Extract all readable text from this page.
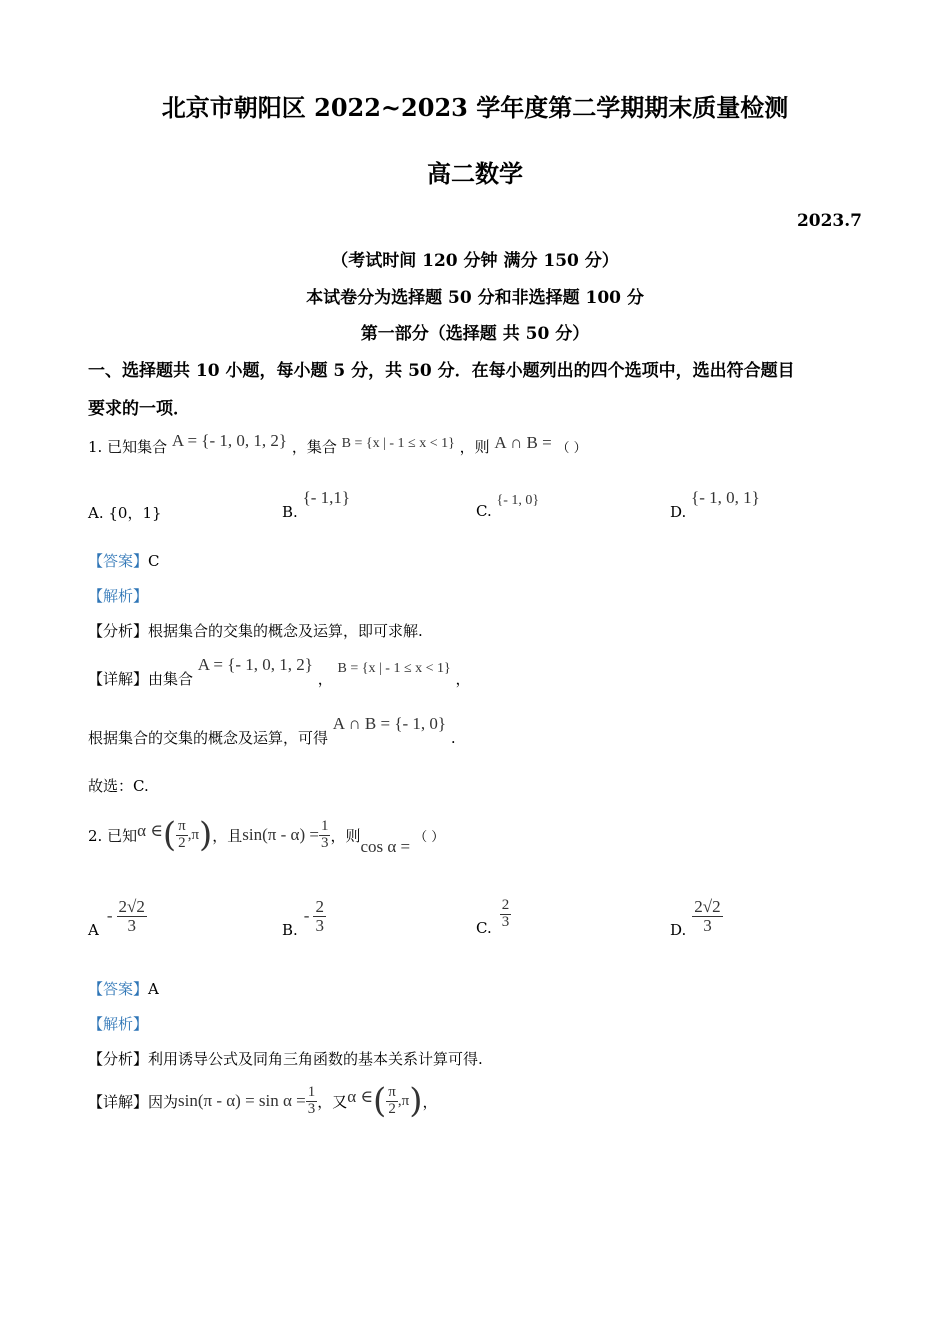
北京市朝阳区 2022~2023 学年度第二学期期末质量检测
高二数学
2023.7
（考试时间 120 分钟 满分 150 分）
本试卷分为选择题 50 分和非选择题 100 分
第一部分（选择题 共 50 分）
一、选择题共 10 小题，每小题 5 分，共 50 分．在每小题列出的四个选项中，选出符合题目
要求的一项．
1. 已知集合 A = {- 1, 0, 1, 2} ，集合 B = {x | - 1 ≤ x < 1} ，则 A ∩ B = （ ）
A. {0，1}	B. {- 1,1}
C. {- 1, 0}
D. {- 1, 0, 1}
【答案】C
【解析】
【分析】根据集合的交集的概念及运算，即可求解.
【详解】由集合 A = {- 1, 0, 1, 2} ， B = {x | - 1 ≤ x < 1} ，
根据集合的交集的概念及运算，可得 A ∩ B = {- 1, 0} .
故选：C.
2. 已知 α ∈ ( $\frac{\pi}{2} ,\pi$ ) ，且 $\sin(\pi - \alpha) = \frac{1}{3}$ ，则
cos α = （ ）
A
- $\frac{2√2}{3}$	B.
- $\frac{2}{3}$	C. $\frac{2}{3}$	D. $\frac{2√2}{3}$
【答案】A
【解析】
【分析】利用诱导公式及同角三角函数的基本关系计算可得.
【详解】因为 $\sin(\pi - \alpha) = \sin \alpha = \frac{1}{3}$ ，又 α ∈ ( $\frac{\pi}{2} ,\pi$ ) ，
